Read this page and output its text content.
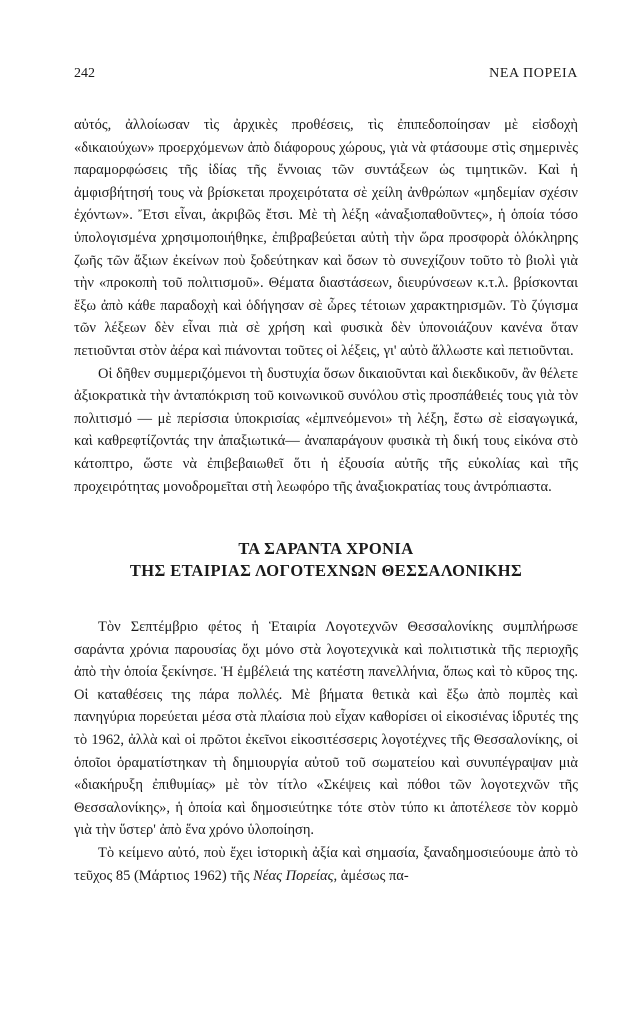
242	ΝΕΑ ΠΟΡΕΙΑ

αὐτός, ἀλλοίωσαν τὶς ἀρχικὲς προθέσεις, τὶς ἐπιπεδοποίησαν μὲ εἰσδοχὴ «δικαιούχων» προερχόμενων ἀπὸ διάφορους χώρους, γιὰ νὰ φτάσουμε στὶς σημερινὲς παραμορφώσεις τῆς ἰδίας τῆς ἔννοιας τῶν συντάξεων ὡς τιμητικῶν. Καὶ ἡ ἀμφισβήτησή τους νὰ βρίσκεται προχειρότατα σὲ χείλη ἀνθρώπων «μηδεμίαν σχέσιν ἐχόντων». Ἔτσι εἶναι, ἀκριβῶς ἔτσι. Μὲ τὴ λέξη «ἀναξιοπαθοῦντες», ἡ ὁποία τόσο ὑπολογισμένα χρησιμοποιήθηκε, ἐπιβραβεύεται αὐτὴ τὴν ὥρα προσφορὰ ὁλόκληρης ζωῆς τῶν ἄξιων ἐκείνων ποὺ ξοδεύτηκαν καὶ ὅσων τὸ συνεχίζουν τοῦτο τὸ βιολὶ γιὰ τὴν «προκοπὴ τοῦ πολιτισμοῦ». Θέματα διαστάσεων, διευρύνσεων κ.τ.λ. βρίσκονται ἔξω ἀπὸ κάθε παραδοχὴ καὶ ὁδήγησαν σὲ ὧρες τέτοιων χαρακτηρισμῶν. Τὸ ζύγισμα τῶν λέξεων δὲν εἶναι πιὰ σὲ χρήση καὶ φυσικὰ δὲν ὑπονοιάζουν κανένα ὅταν πετιοῦνται στὸν ἀέρα καὶ πιάνονται τοῦτες οἱ λέξεις, γι' αὐτὸ ἄλλωστε καὶ πετιοῦνται.

Οἱ δῆθεν συμμεριζόμενοι τὴ δυστυχία ὅσων δικαιοῦνται καὶ διεκδικοῦν, ἂν θέλετε ἀξιοκρατικὰ τὴν ἀνταπόκριση τοῦ κοινωνικοῦ συνόλου στὶς προσπάθειές τους γιὰ τὸν πολιτισμό — μὲ περίσσια ὑποκρισίας «ἐμπνεόμενοι» τὴ λέξη, ἔστω σὲ εἰσαγωγικά, καὶ καθρεφτίζοντάς την ἀπαξιωτικά— ἀναπαράγουν φυσικὰ τὴ δική τους εἰκόνα στὸ κάτοπτρο, ὥστε νὰ ἐπιβεβαιωθεῖ ὅτι ἡ ἐξουσία αὐτῆς τῆς εὐκολίας καὶ τῆς προχειρότητας μονοδρομεῖται στὴ λεωφόρο τῆς ἀναξιοκρατίας τους ἀντρόπιαστα.

ΤΑ ΣΑΡΑΝΤΑ ΧΡΟΝΙΑ
ΤΗΣ ΕΤΑΙΡΙΑΣ ΛΟΓΟΤΕΧΝΩΝ ΘΕΣΣΑΛΟΝΙΚΗΣ

Τὸν Σεπτέμβριο φέτος ἡ Ἑταιρία Λογοτεχνῶν Θεσσαλονίκης συμπλήρωσε σαράντα χρόνια παρουσίας ὄχι μόνο στὰ λογοτεχνικὰ καὶ πολιτιστικὰ τῆς περιοχῆς ἀπὸ τὴν ὁποία ξεκίνησε. Ἡ ἐμβέλειά της κατέστη πανελλήνια, ὅπως καὶ τὸ κῦρος της. Οἱ καταθέσεις της πάρα πολλές. Μὲ βήματα θετικὰ καὶ ἔξω ἀπὸ πομπὲς καὶ πανηγύρια πορεύεται μέσα στὰ πλαίσια ποὺ εἶχαν καθορίσει οἱ εἰκοσιένας ἱδρυτές της τὸ 1962, ἀλλὰ καὶ οἱ πρῶτοι ἐκεῖνοι εἰκοσιτέσσερις λογοτέχνες τῆς Θεσσαλονίκης, οἱ ὁποῖοι ὁραματίστηκαν τὴ δημιουργία αὐτοῦ τοῦ σωματείου καὶ συνυπέγραψαν μιὰ «διακήρυξη ἐπιθυμίας» μὲ τὸν τίτλο «Σκέψεις καὶ πόθοι τῶν λογοτεχνῶν τῆς Θεσσαλονίκης», ἡ ὁποία καὶ δημοσιεύτηκε τότε στὸν τύπο κι ἀποτέλεσε τὸν κορμὸ γιὰ τὴν ὕστερ' ἀπὸ ἕνα χρόνο ὑλοποίηση.

Τὸ κείμενο αὐτό, ποὺ ἔχει ἱστορικὴ ἀξία καὶ σημασία, ξαναδημοσιεύουμε ἀπὸ τὸ τεῦχος 85 (Μάρτιος 1962) τῆς Νέας Πορείας, ἀμέσως πα-
